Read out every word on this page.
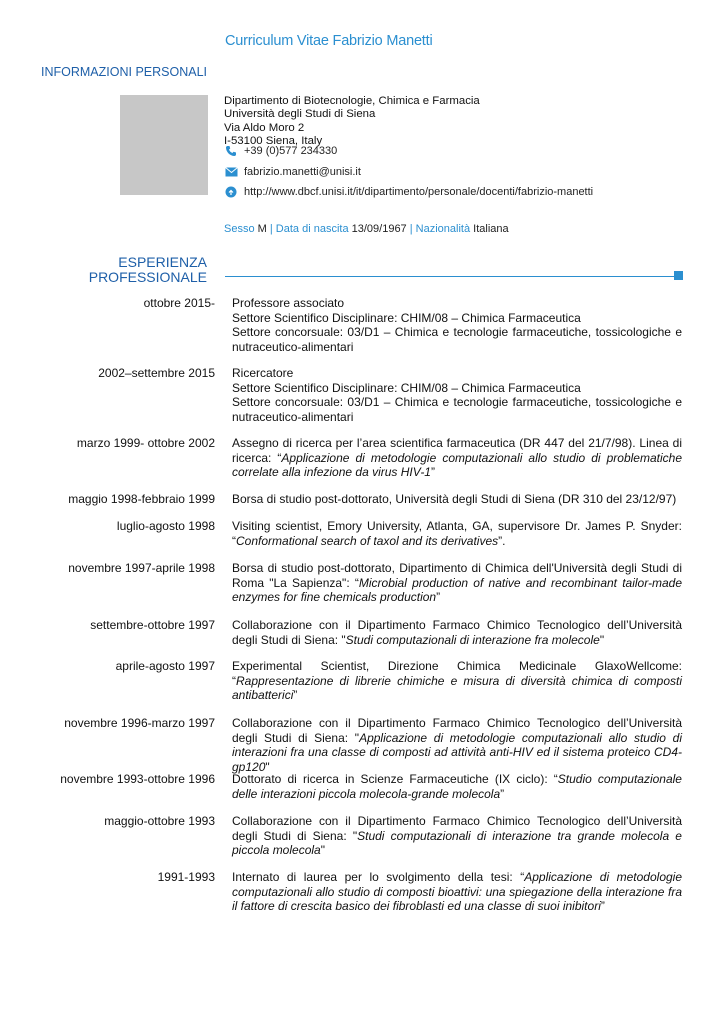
Curriculum Vitae Fabrizio Manetti
INFORMAZIONI PERSONALI
Dipartimento di Biotecnologie, Chimica e Farmacia
Università degli Studi di Siena
Via Aldo Moro 2
I-53100 Siena, Italy
+39 (0)577 234330
fabrizio.manetti@unisi.it
http://www.dbcf.unisi.it/it/dipartimento/personale/docenti/fabrizio-manetti
Sesso M | Data di nascita 13/09/1967 | Nazionalità Italiana
ESPERIENZA
PROFESSIONALE
ottobre 2015- Professore associato
Settore Scientifico Disciplinare: CHIM/08 – Chimica Farmaceutica
Settore concorsuale: 03/D1 – Chimica e tecnologie farmaceutiche, tossicologiche e nutraceutico-alimentari
2002–settembre 2015 Ricercatore
Settore Scientifico Disciplinare: CHIM/08 – Chimica Farmaceutica
Settore concorsuale: 03/D1 – Chimica e tecnologie farmaceutiche, tossicologiche e nutraceutico-alimentari
marzo 1999- ottobre 2002 Assegno di ricerca per l’area scientifica farmaceutica (DR 447 del 21/7/98). Linea di ricerca: “Applicazione di metodologie computazionali allo studio di problematiche correlate alla infezione da virus HIV-1”
maggio 1998-febbraio 1999 Borsa di studio post-dottorato, Università degli Studi di Siena (DR 310 del 23/12/97)
luglio-agosto 1998 Visiting scientist, Emory University, Atlanta, GA, supervisore Dr. James P. Snyder: “Conformational search of taxol and its derivatives”.
novembre 1997-aprile 1998 Borsa di studio post-dottorato, Dipartimento di Chimica dell'Università degli Studi di Roma "La Sapienza": “Microbial production of native and recombinant tailor-made enzymes for fine chemicals production”
settembre-ottobre 1997 Collaborazione con il Dipartimento Farmaco Chimico Tecnologico dell’Università degli Studi di Siena: "Studi computazionali di interazione fra molecole"
aprile-agosto 1997 Experimental Scientist, Direzione Chimica Medicinale GlaxoWellcome: “Rappresentazione di librerie chimiche e misura di diversità chimica di composti antibatterici”
novembre 1996-marzo 1997 Collaborazione con il Dipartimento Farmaco Chimico Tecnologico dell’Università degli Studi di Siena: "Applicazione di metodologie computazionali allo studio di interazioni fra una classe di composti ad attività anti-HIV ed il sistema proteico CD4-gp120"
novembre 1993-ottobre 1996 Dottorato di ricerca in Scienze Farmaceutiche (IX ciclo): “Studio computazionale delle interazioni piccola molecola-grande molecola”
maggio-ottobre 1993 Collaborazione con il Dipartimento Farmaco Chimico Tecnologico dell’Università degli Studi di Siena: "Studi computazionali di interazione tra grande molecola e piccola molecola"
1991-1993 Internato di laurea per lo svolgimento della tesi: “Applicazione di metodologie computazionali allo studio di composti bioattivi: una spiegazione della interazione fra il fattore di crescita basico dei fibroblasti ed una classe di suoi inibitori”
